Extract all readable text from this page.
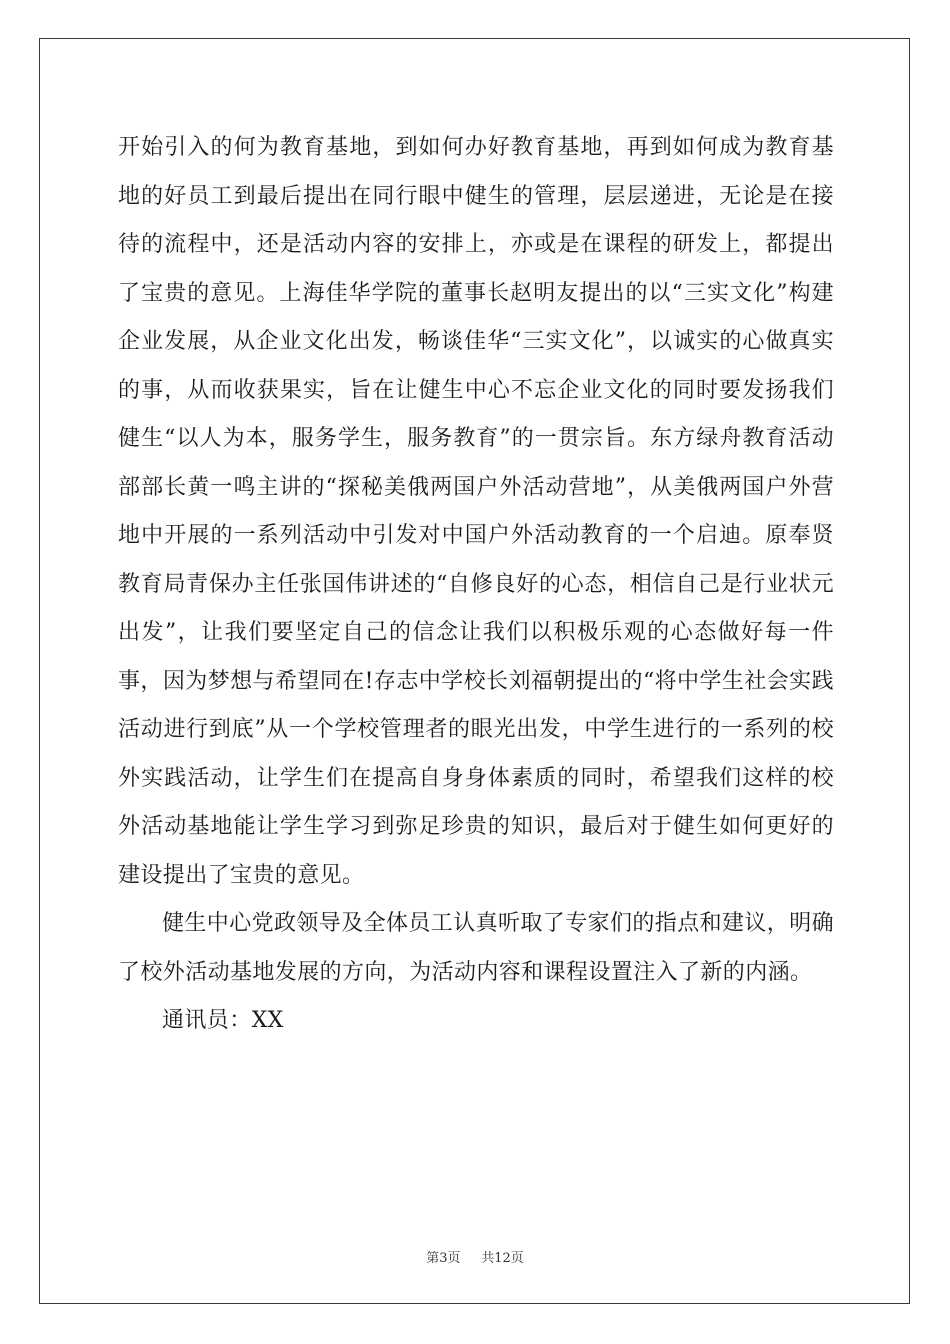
开始引入的何为教育基地，到如何办好教育基地，再到如何成为教育基地的好员工到最后提出在同行眼中健生的管理，层层递进，无论是在接待的流程中，还是活动内容的安排上，亦或是在课程的研发上，都提出了宝贵的意见。上海佳华学院的董事长赵明友提出的以“三实文化”构建企业发展，从企业文化出发，畅谈佳华“三实文化”，以诚实的心做真实的事，从而收获果实，旨在让健生中心不忘企业文化的同时要发扬我们健生“以人为本，服务学生，服务教育”的一贯宗旨。东方绿舟教育活动部部长黄一鸣主讲的“探秘美俄两国户外活动营地”，从美俄两国户外营地中开展的一系列活动中引发对中国户外活动教育的一个启迪。原奉贤教育局青保办主任张国伟讲述的“自修良好的心态，相信自己是行业状元出发”，让我们要坚定自己的信念让我们以积极乐观的心态做好每一件事，因为梦想与希望同在!存志中学校长刘福朝提出的“将中学生社会实践活动进行到底”从一个学校管理者的眼光出发，中学生进行的一系列的校外实践活动，让学生们在提高自身身体素质的同时，希望我们这样的校外活动基地能让学生学习到弥足珍贵的知识，最后对于健生如何更好的建设提出了宝贵的意见。

健生中心党政领导及全体员工认真听取了专家们的指点和建议，明确了校外活动基地发展的方向，为活动内容和课程设置注入了新的内涵。

通讯员：XX

第3页 共12页
